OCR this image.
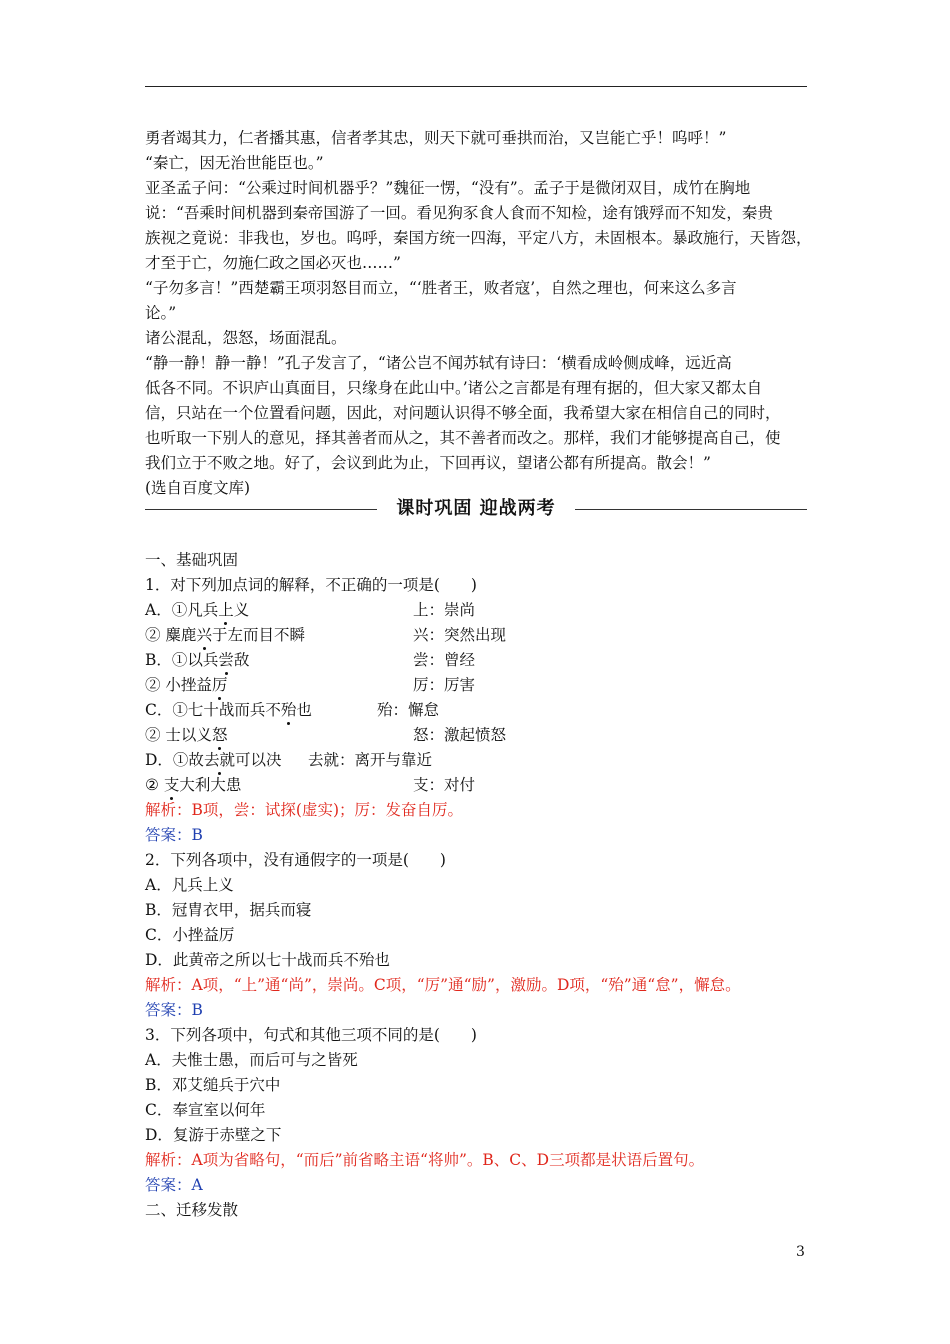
勇者竭其力，仁者播其惠，信者孝其忠，则天下就可垂拱而治，又岂能亡乎！呜呼！”
“秦亡，因无治世能臣也。”
亚圣孟子问：“公乘过时间机器乎？”魏征一愣，“没有”。孟子于是微闭双目，成竹在胸地
说：“吾乘时间机器到秦帝国游了一回。看见狗豕食人食而不知检，途有饿殍而不知发，秦贵
族视之竟说：非我也，岁也。呜呼，秦国方统一四海，平定八方，未固根本。暴政施行，天皆怨，
才至于亡，勿施仁政之国必灭也……”
“子勿多言！”西楚霸王项羽怒目而立，“‘胜者王，败者寇’，自然之理也，何来这么多言
论。”
诸公混乱，怨怒，场面混乱。
“静一静！静一静！”孔子发言了，“诸公岂不闻苏轼有诗曰：‘横看成岭侧成峰，远近高
低各不同。不识庐山真面目，只缘身在此山中。’诸公之言都是有理有据的，但大家又都太自
信，只站在一个位置看问题，因此，对问题认识得不够全面，我希望大家在相信自己的同时，
也听取一下别人的意见，择其善者而从之，其不善者而改之。那样，我们才能够提高自己，使
我们立于不败之地。好了，会议到此为止，下回再议，望诸公都有所提高。散会！”
(选自百度文库)
课时巩固 迎战两考
一、基础巩固
1．对下列加点词的解释，不正确的一项是(　　)
A．①凡兵上义	上：崇尚
② 麋鹿兴于左而目不瞬	兴：突然出现
B．①以兵尝敌	尝：曾经
② 小挫益厉	厉：厉害
C．①七十战而兵不殆也	殆：懈怠
② 士以义怒	怒：激起愤怒
D．①故去就可以决 去就：离开与靠近
② 支大利大患	支：对付
解析：B项，尝：试探(虚实)；厉：发奋自厉。
答案：B
2．下列各项中，没有通假字的一项是(　　)
A．凡兵上义
B．冠胄衣甲，据兵而寝
C．小挫益厉
D．此黄帝之所以七十战而兵不殆也
解析：A项，“上”通“尚”，崇尚。C项，“厉”通“励”，激励。D项，“殆”通“怠”，懈怠。
答案：B
3．下列各项中，句式和其他三项不同的是(　　)
A．夫惟士愚，而后可与之皆死
B．邓艾缒兵于穴中
C．奉宣室以何年
D．复游于赤壁之下
解析：A项为省略句，“而后”前省略主语“将帅”。B、C、D三项都是状语后置句。
答案：A
二、迁移发散
3
